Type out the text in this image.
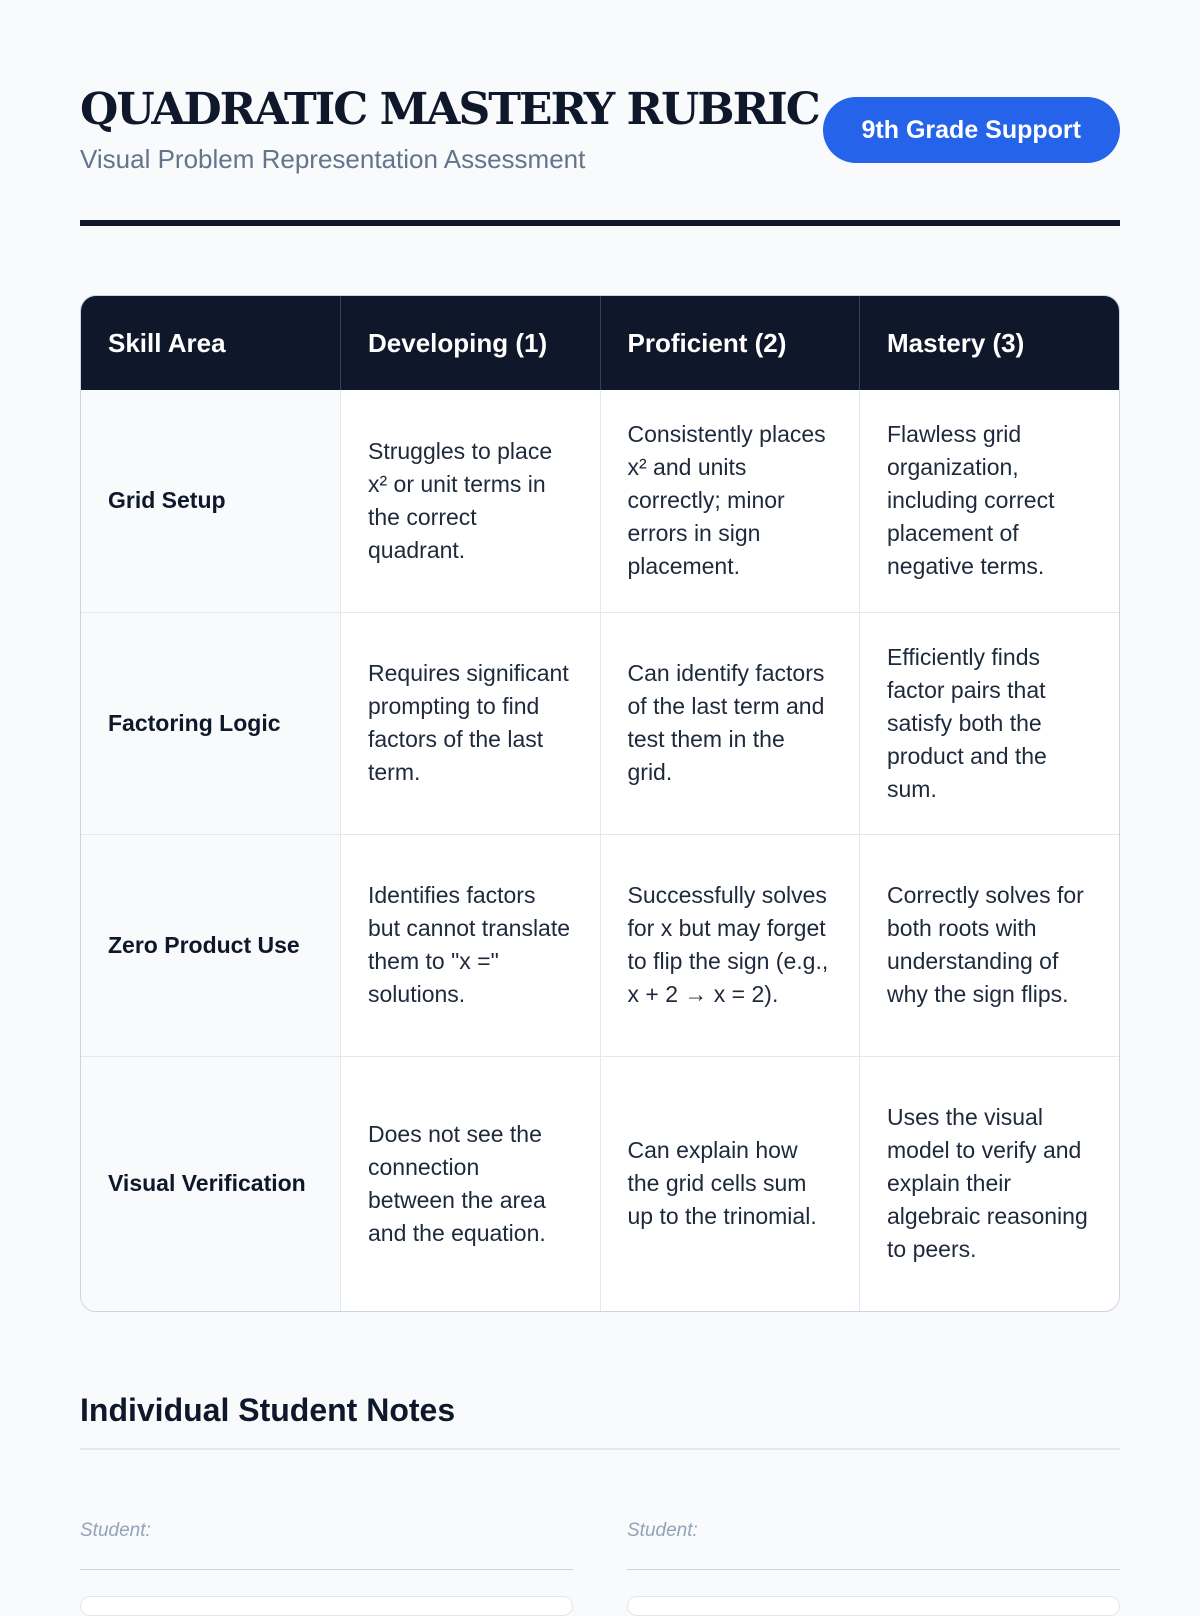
QUADRATIC MASTERY RUBRIC
Visual Problem Representation Assessment
9th Grade Support
Skill Area	Developing (1)	Proficient (2)	Mastery (3)
Grid Setup	Struggles to place x² or unit terms in the correct quadrant.	Consistently places x² and units correctly; minor errors in sign placement.	Flawless grid organization, including correct placement of negative terms.
Factoring Logic	Requires significant prompting to find factors of the last term.	Can identify factors of the last term and test them in the grid.	Efficiently finds factor pairs that satisfy both the product and the sum.
Zero Product Use	Identifies factors but cannot translate them to "x =" solutions.	Successfully solves for x but may forget to flip the sign (e.g., x + 2 → x = 2).	Correctly solves for both roots with understanding of why the sign flips.
Visual Verification	Does not see the connection between the area and the equation.	Can explain how the grid cells sum up to the trinomial.	Uses the visual model to verify and explain their algebraic reasoning to peers.
Individual Student Notes
Student:	Student:
